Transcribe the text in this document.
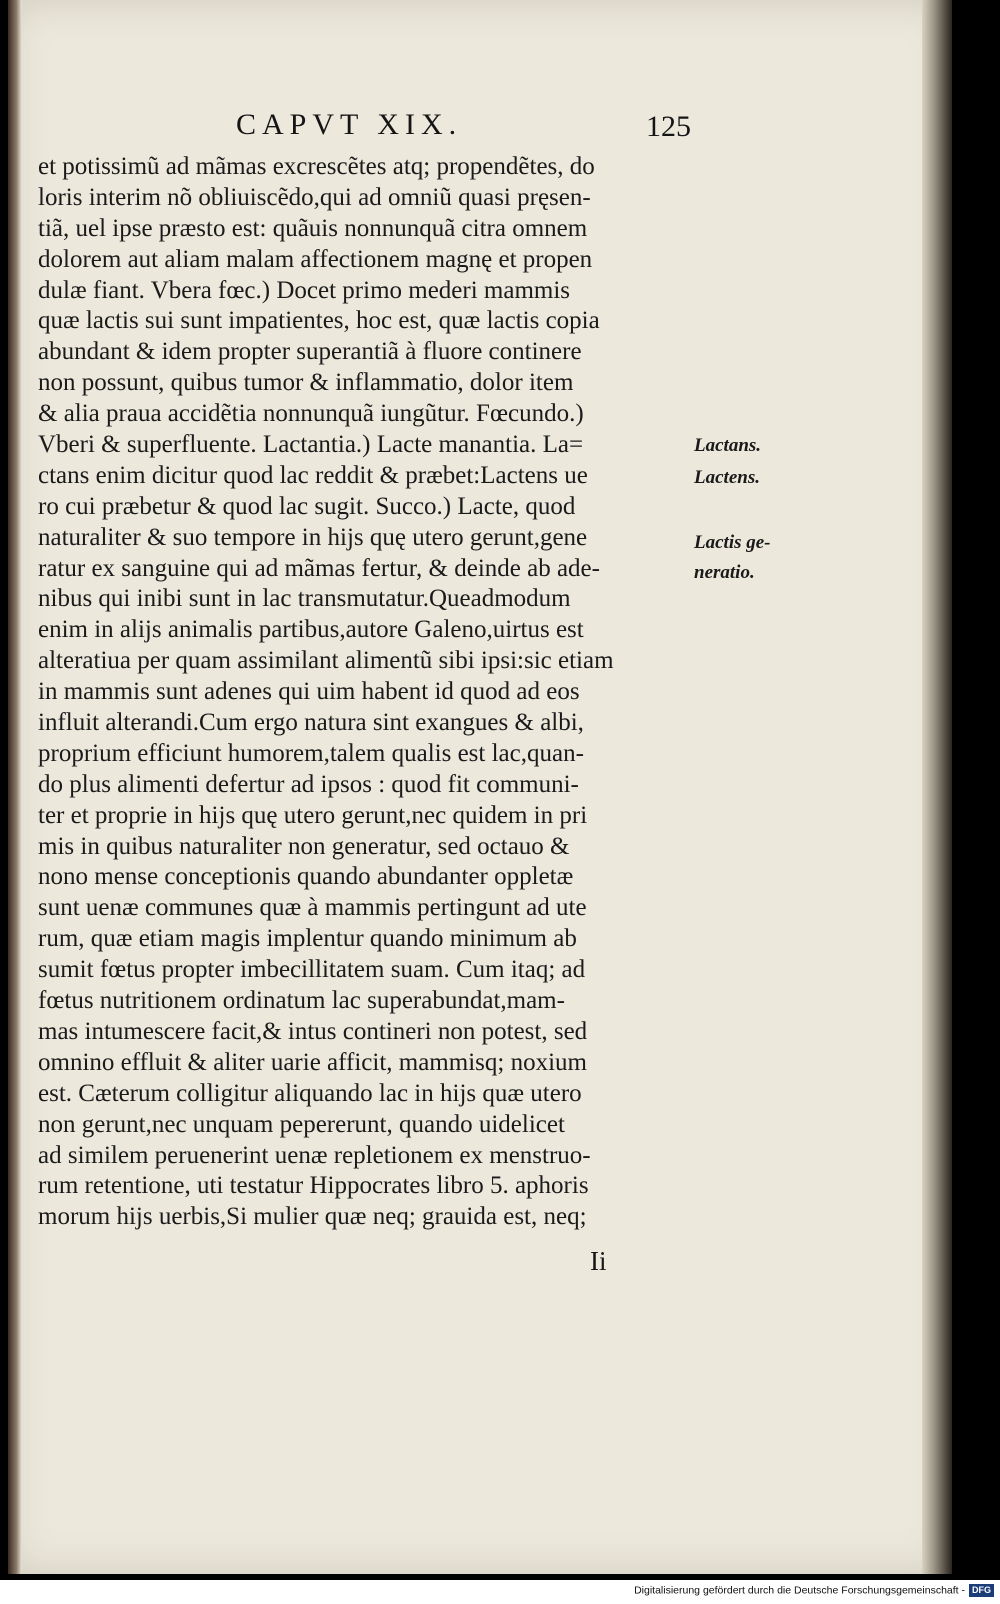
CAPVT XIX.	125
et potissimũ ad mãmas excrescẽtes atq; propendẽtes, do
loris interim nõ obliuiscẽdo,qui ad omniũ quasi pręsen-
tiã, uel ipse præsto est: quãuis nonnunquã citra omnem
dolorem aut aliam malam affectionem magnę et propen
dulæ fiant. Vbera fœc.) Docet primo mederi mammis
quæ lactis sui sunt impatientes, hoc est, quæ lactis copia
abundant & idem propter superantiã à fluore continere
non possunt, quibus tumor & inflammatio, dolor item
& alia praua accidẽtia nonnunquã iungũtur. Fœcundo.)
Vberi & superfluente. Lactantia.) Lacte manantia. La=
ctans enim dicitur quod lac reddit & præbet:Lactens ue
ro cui præbetur & quod lac sugit. Succo.) Lacte, quod
naturaliter & suo tempore in hijs quę utero gerunt,gene
ratur ex sanguine qui ad mãmas fertur, & deinde ab ade-
nibus qui inibi sunt in lac transmutatur.Queadmodum
enim in alijs animalis partibus,autore Galeno,uirtus est
alteratiua per quam assimilant alimentũ sibi ipsi:sic etiam
in mammis sunt adenes qui uim habent id quod ad eos
influit alterandi.Cum ergo natura sint exangues & albi,
proprium efficiunt humorem,talem qualis est lac,quan-
do plus alimenti defertur ad ipsos : quod fit communi-
ter et proprie in hijs quę utero gerunt,nec quidem in pri
mis in quibus naturaliter non generatur, sed octauo &
nono mense conceptionis quando abundanter oppletæ
sunt uenæ communes quæ à mammis pertingunt ad ute
rum, quæ etiam magis implentur quando minimum ab
sumit fœtus propter imbecillitatem suam. Cum itaq; ad
fœtus nutritionem ordinatum lac superabundat,mam-
mas intumescere facit,& intus contineri non potest, sed
omnino effluit & aliter uarie afficit, mammisq; noxium
est. Cæterum colligitur aliquando lac in hijs quæ utero
non gerunt,nec unquam pepererunt, quando uidelicet
ad similem peruenerint uenæ repletionem ex menstruo-
rum retentione, uti testatur Hippocrates libro 5. aphoris
morum hijs uerbis,Si mulier quæ neq; grauida est, neq;
Lactans.
Lactens.
Lactis ge-
neratio.
Ii
Digitalisierung gefördert durch die Deutsche Forschungsgemeinschaft - DFG
